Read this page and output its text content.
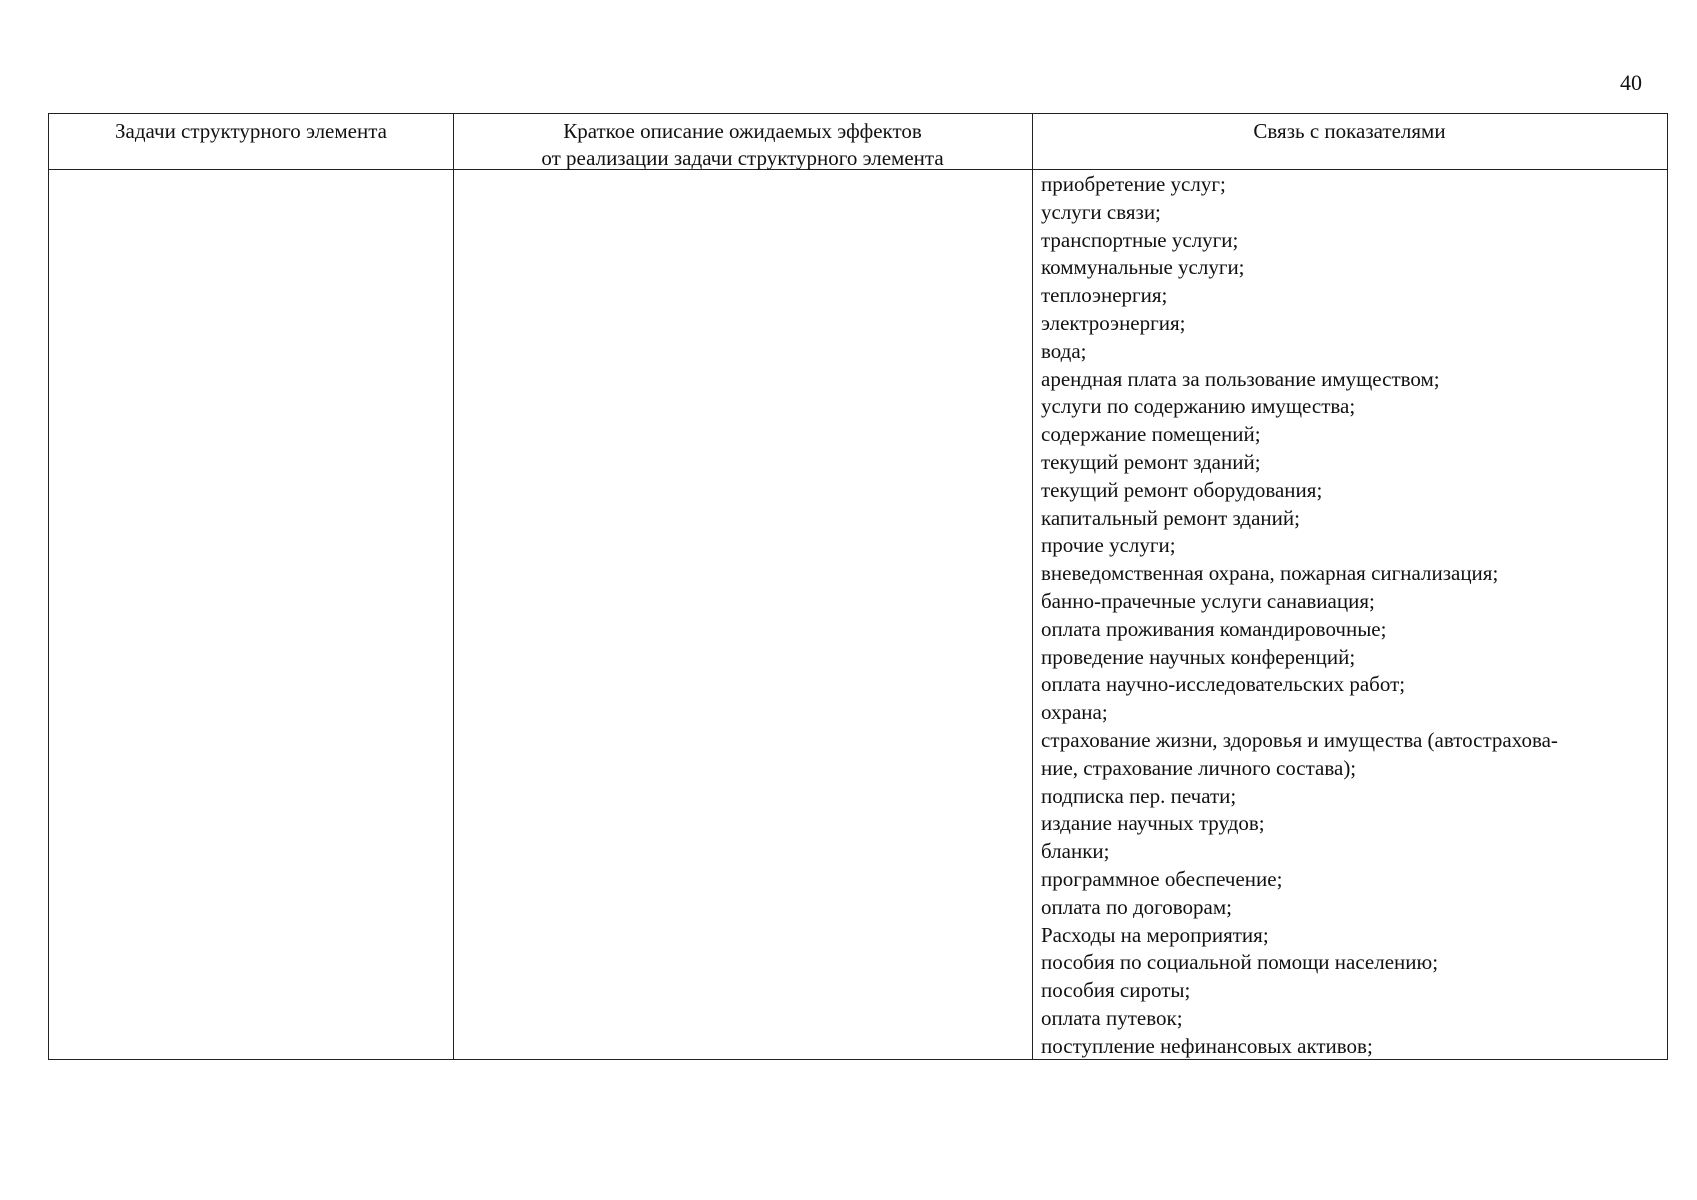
40
Задачи структурного элемента	Краткое описание ожидаемых эффектов
от реализации задачи структурного элемента
Связь с показателями
приобретение услуг;
услуги связи;
транспортные услуги;
коммунальные услуги;
теплоэнергия;
электроэнергия;
вода;
арендная плата за пользование имуществом;
услуги по содержанию имущества;
содержание помещений;
текущий ремонт зданий;
текущий ремонт оборудования;
капитальный ремонт зданий;
прочие услуги;
вневедомственная охрана, пожарная сигнализация;
банно-прачечные услуги санавиация;
оплата проживания командировочные;
проведение научных конференций;
оплата научно-исследовательских работ;
охрана;
страхование жизни, здоровья и имущества (автострахова-
ние, страхование личного состава);
подписка пер. печати;
издание научных трудов;
бланки;
программное обеспечение;
оплата по договорам;
Расходы на мероприятия;
пособия по социальной помощи населению;
пособия сироты;
оплата путевок;
поступление нефинансовых активов;
